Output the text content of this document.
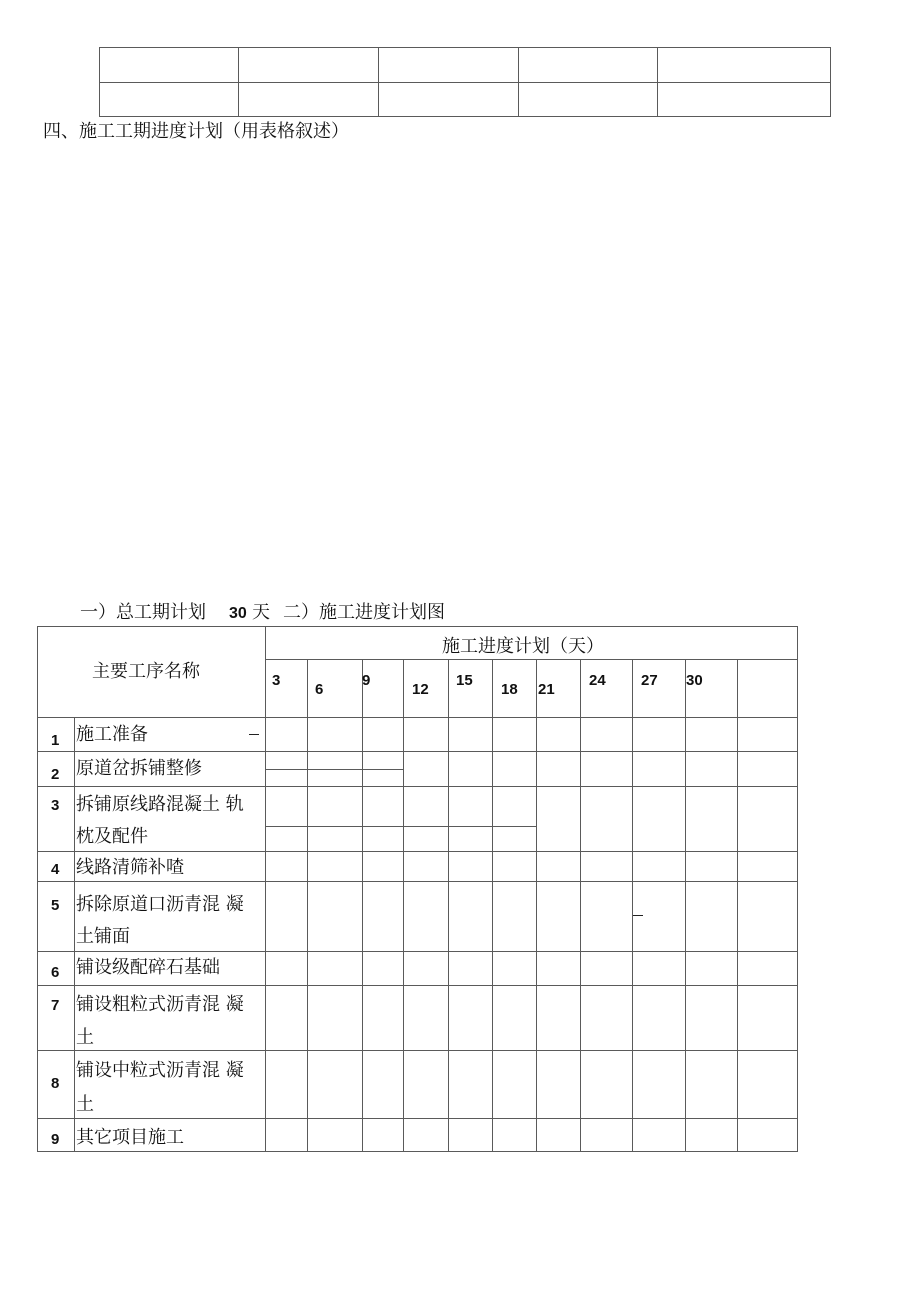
四、施工工期进度计划（用表格叙述）
一）总工期计划 30 天 二）施工进度计划图
主要工序名称
施工进度计划（天）
3
6
9
12
15
18 21
24 27 30
1 施工准备
2 原道岔拆铺整修
3 拆铺原线路混凝土 轨
枕及配件
4 线路清筛补喳
5 拆除原道口沥青混 凝
土铺面
6 铺设级配碎石基础
7 铺设粗粒式沥青混 凝
土
8
铺设中粒式沥青混 凝
土
9 其它项目施工
